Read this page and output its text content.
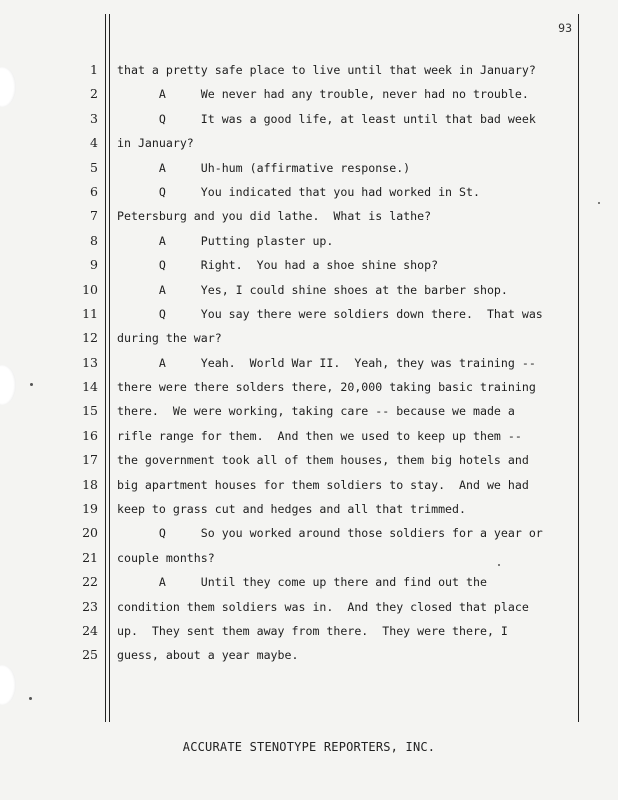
93
1
2
3
4
5
6
7
8
9
10
11
12
13
14
15
16
17
18
19
20
21
22
23
24
25
that a pretty safe place to live until that week in January?
A     We never had any trouble, never had no trouble.
Q     It was a good life, at least until that bad week
in January?
A     Uh-hum (affirmative response.)
Q     You indicated that you had worked in St.
Petersburg and you did lathe.  What is lathe?
A     Putting plaster up.
Q     Right.  You had a shoe shine shop?
A     Yes, I could shine shoes at the barber shop.
Q     You say there were soldiers down there.  That was
during the war?
A     Yeah.  World War II.  Yeah, they was training --
there were there solders there, 20,000 taking basic training
there.  We were working, taking care -- because we made a
rifle range for them.  And then we used to keep up them --
the government took all of them houses, them big hotels and
big apartment houses for them soldiers to stay.  And we had
keep to grass cut and hedges and all that trimmed.
Q     So you worked around those soldiers for a year or
couple months?
A     Until they come up there and find out the
condition them soldiers was in.  And they closed that place
up.  They sent them away from there.  They were there, I
guess, about a year maybe.
ACCURATE STENOTYPE REPORTERS, INC.
